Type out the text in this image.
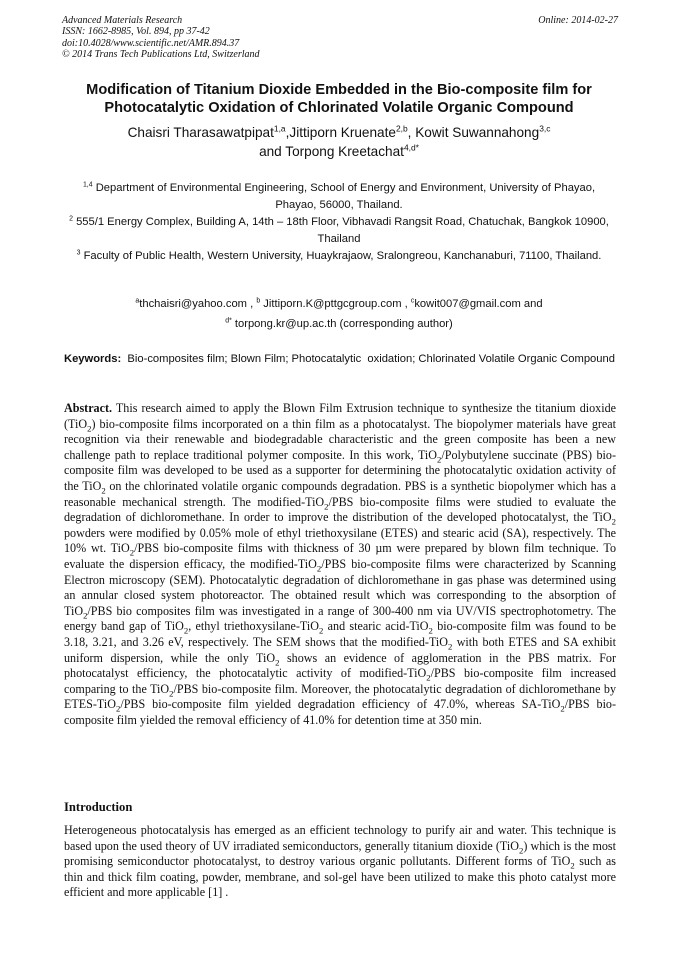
Advanced Materials Research
ISSN: 1662-8985, Vol. 894, pp 37-42
doi:10.4028/www.scientific.net/AMR.894.37
© 2014 Trans Tech Publications Ltd, Switzerland
Online: 2014-02-27
Modification of Titanium Dioxide Embedded in the Bio-composite film for Photocatalytic Oxidation of Chlorinated Volatile Organic Compound
Chaisri Tharasawatpipat$^{1,a}$,Jittiporn Kruenate$^{2,b}$, Kowit Suwannahong$^{3,c}$
and Torpong Kreetachat$^{4,d*}$
$^{1,4}$ Department of Environmental Engineering, School of Energy and Environment, University of Phayao, Phayao, 56000, Thailand.
$^2$ 555/1 Energy Complex, Building A, 14th – 18th Floor, Vibhavadi Rangsit Road, Chatuchak, Bangkok 10900, Thailand
$^3$ Faculty of Public Health, Western University, Huaykrajaow, Sralongreou, Kanchanaburi, 71100, Thailand.
$^a$thchaisri@yahoo.com , $^b$ Jittiporn.K@pttgcgroup.com , $^c$kowit007@gmail.com and
$^{d*}$ torpong.kr@up.ac.th (corresponding author)
Keywords: Bio-composites film; Blown Film; Photocatalytic  oxidation; Chlorinated Volatile Organic Compound
Abstract. This research aimed to apply the Blown Film Extrusion technique to synthesize the titanium dioxide (TiO$_2$) bio-composite films incorporated on a thin film as a photocatalyst. The biopolymer materials have great recognition via their renewable and biodegradable characteristic and the green composite has been a new challenge path to replace traditional polymer composite. In this work, TiO$_2$/Polybutylene succinate (PBS) bio-composite film was developed to be used as a supporter for determining the photocatalytic oxidation activity of the TiO$_2$ on the chlorinated volatile organic compounds degradation. PBS is a synthetic biopolymer which has a reasonable mechanical strength. The modified-TiO$_2$/PBS bio-composite films were studied to evaluate the degradation of dichloromethane. In order to improve the distribution of the developed photocatalyst, the TiO$_2$ powders were modified by 0.05% mole of ethyl triethoxysilane (ETES) and stearic acid (SA), respectively. The 10% wt. TiO$_2$/PBS bio-composite films with thickness of 30 µm were prepared by blown film technique. To evaluate the dispersion efficacy, the modified-TiO$_2$/PBS bio-composite films were characterized by Scanning Electron microscopy (SEM). Photocatalytic degradation of dichloromethane in gas phase was determined using an annular closed system photoreactor. The obtained result which was corresponding to the absorption of TiO$_2$/PBS bio composites film was investigated in a range of 300-400 nm via UV/VIS spectrophotometry. The energy band gap of TiO$_2$, ethyl triethoxysilane-TiO$_2$ and stearic acid-TiO$_2$ bio-composite film was found to be 3.18, 3.21, and 3.26 eV, respectively. The SEM shows that the modified-TiO$_2$ with both ETES and SA exhibit uniform dispersion, while the only TiO$_2$ shows an evidence of agglomeration in the PBS matrix. For photocatalyst efficiency, the photocatalytic activity of modified-TiO$_2$/PBS bio-composite film increased comparing to the TiO$_2$/PBS bio-composite film. Moreover, the photocatalytic degradation of dichloromethane by ETES-TiO$_2$/PBS bio-composite film yielded degradation efficiency of 47.0%, whereas SA-TiO$_2$/PBS bio-composite film yielded the removal efficiency of 41.0% for detention time at 350 min.
Introduction
Heterogeneous photocatalysis has emerged as an efficient technology to purify air and water. This technique is based upon the used theory of UV irradiated semiconductors, generally titanium dioxide (TiO$_2$) which is the most promising semiconductor photocatalyst, to destroy various organic pollutants. Different forms of TiO$_2$ such as thin and thick film coating, powder, membrane, and sol-gel have been utilized to make this photo catalyst more efficient and more applicable [1] .
